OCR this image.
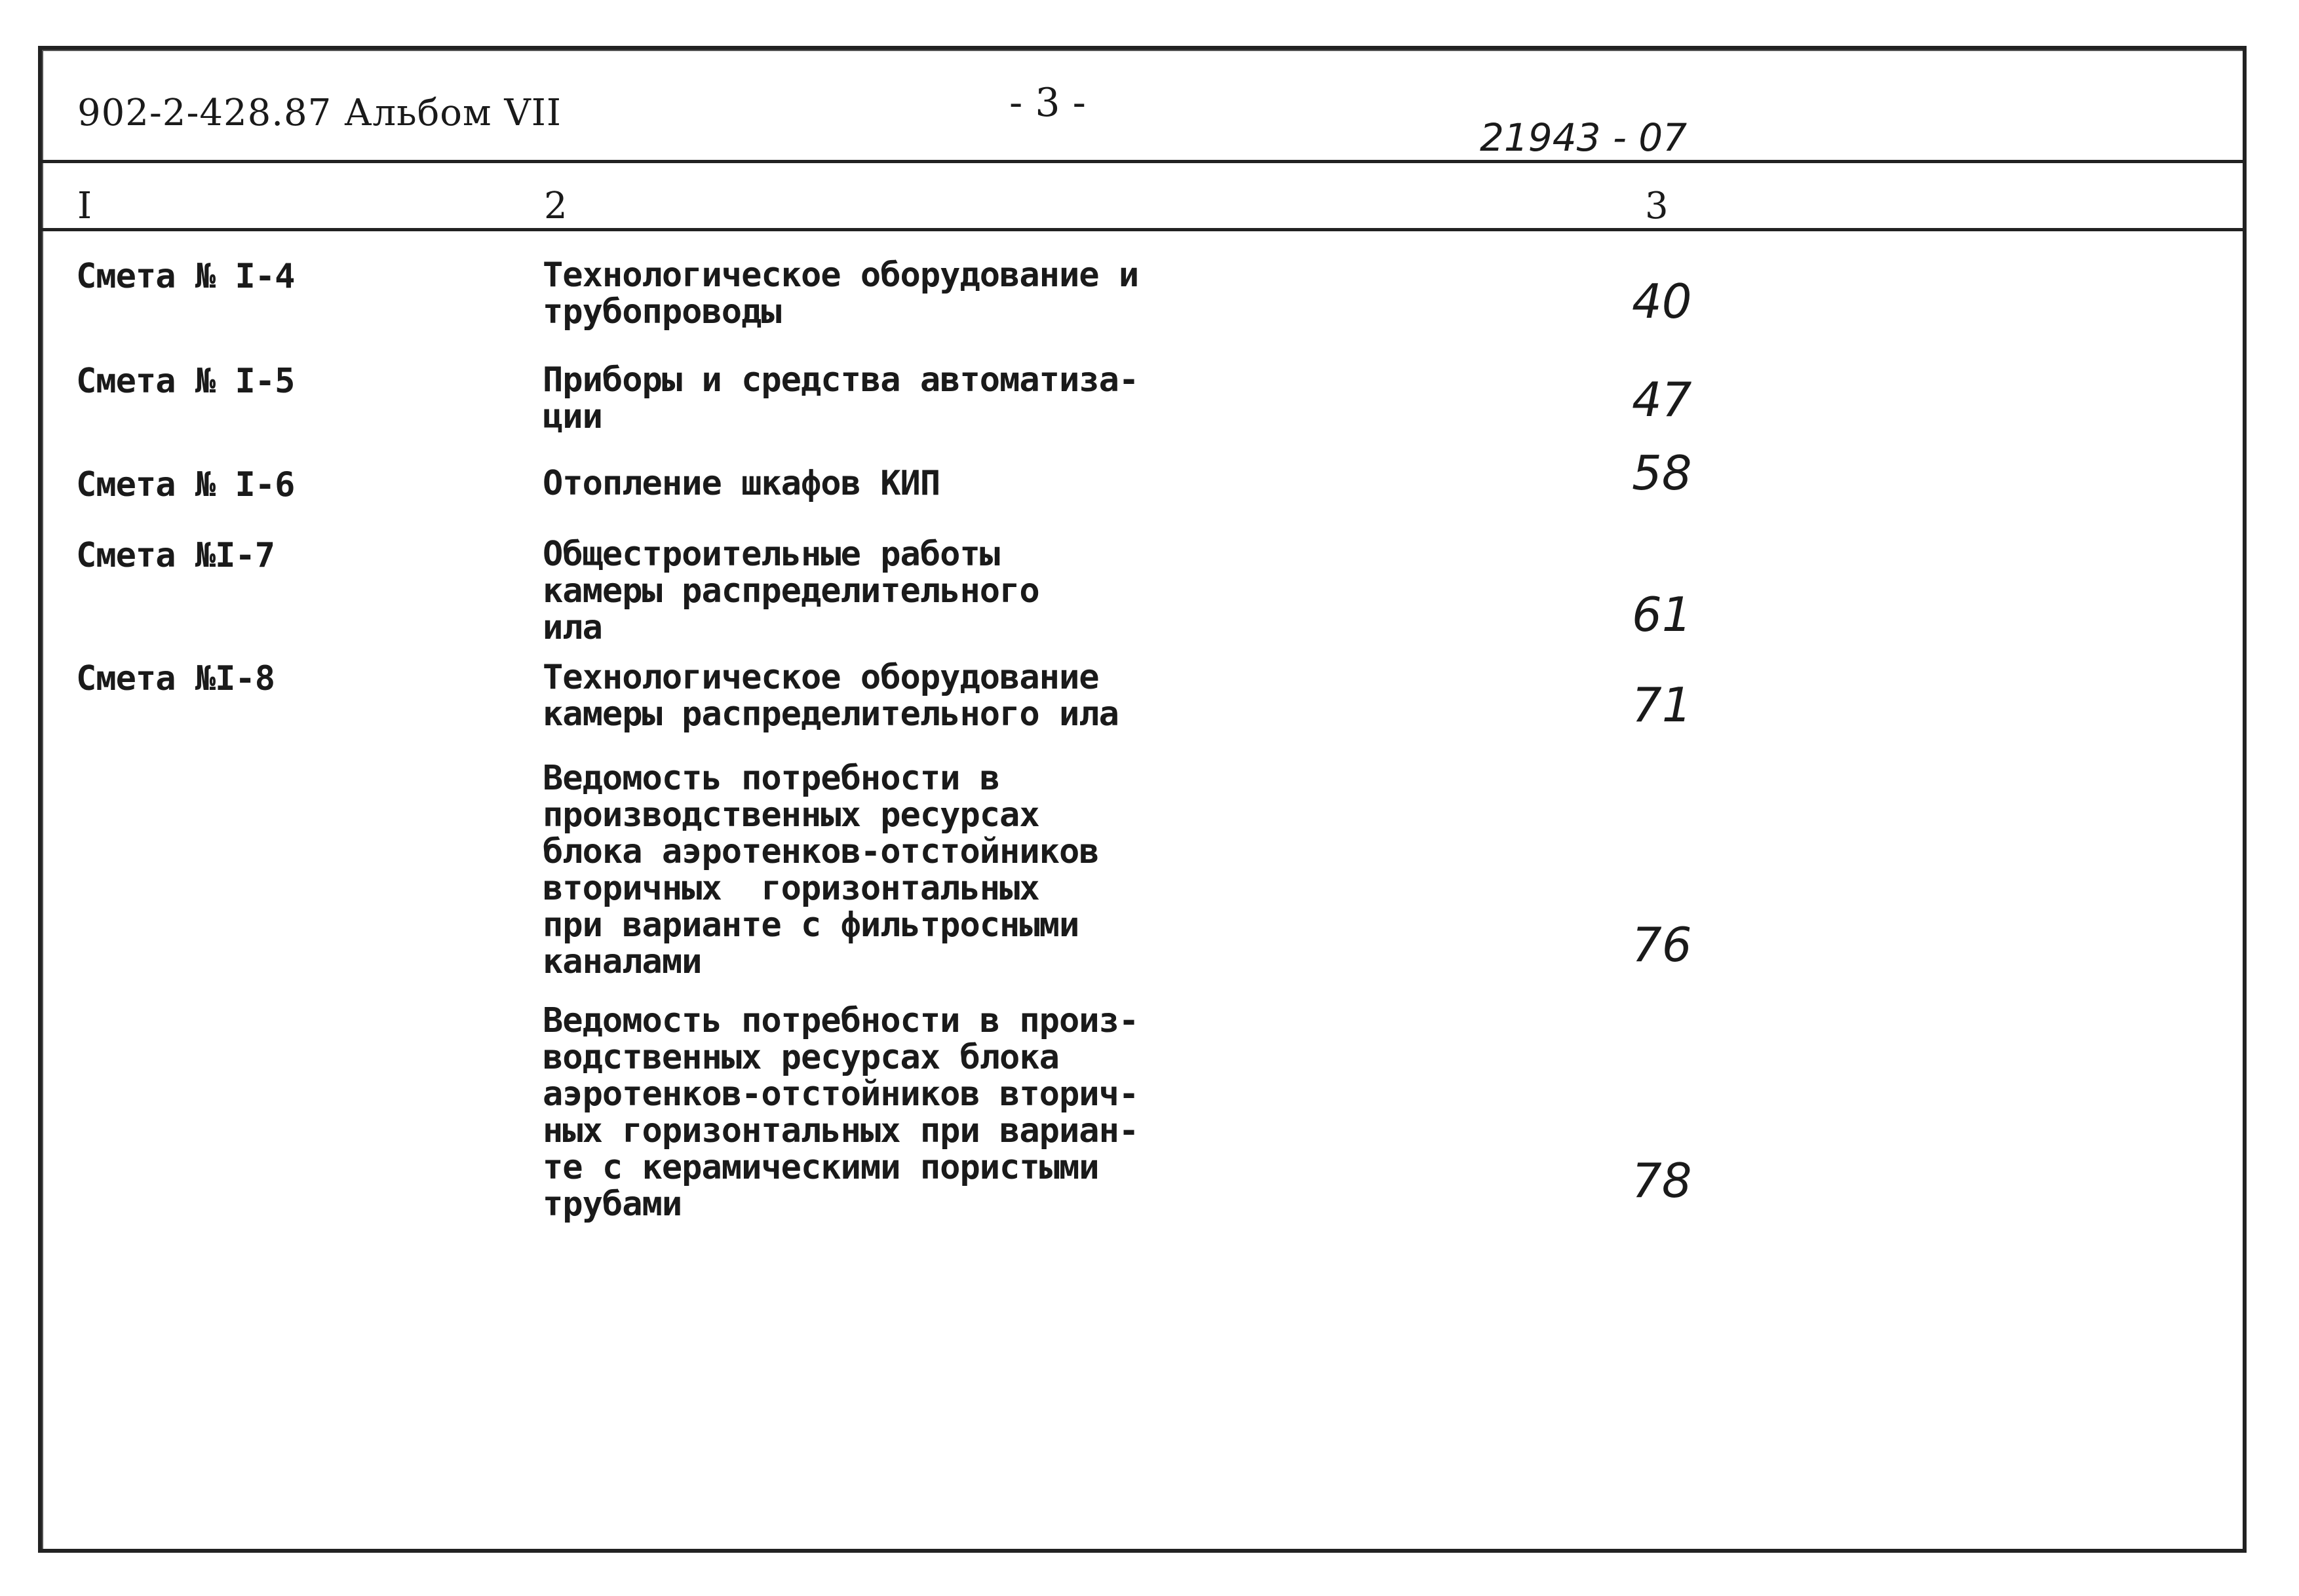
902-2-428.87 Альбом VII	- 3 -
21943 - 07
I	2	3
Смета № I-4	Технологическое оборудование и
трубопроводы	40
Смета № I-5	Приборы и средства автоматиза-
ции	47
Смета № I-6	Отопление шкафов КИП	58
Смета №I-7	Общестроительные работы
камеры распределительного
ила	61
Смета №I-8	Технологическое оборудование
камеры распределительного ила	71
Ведомость потребности в
производственных ресурсах
блока аэротенков-отстойников
вторичных  горизонтальных
при варианте с фильтросными
каналами	76
Ведомость потребности в произ-
водственных ресурсах блока
аэротенков-отстойников вторич-
ных горизонтальных при вариан-
те с керамическими пористыми
трубами	78
